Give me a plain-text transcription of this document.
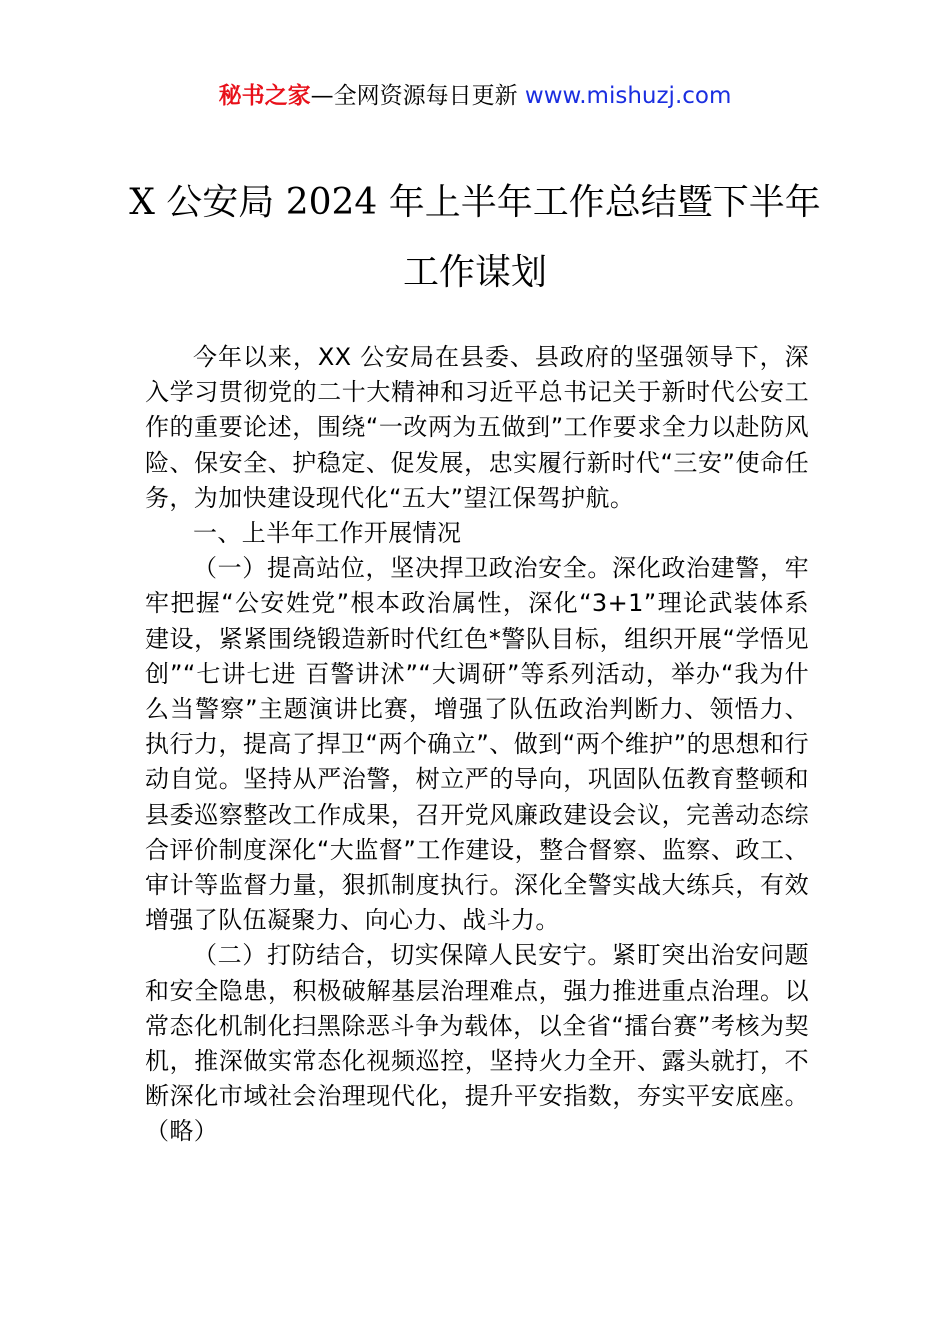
秘书之家—全网资源每日更新 www.mishuzj.com
X 公安局 2024 年上半年工作总结暨下半年
工作谋划

今年以来，XX 公安局在县委、县政府的坚强领导下，深入学习贯彻党的二十大精神和习近平总书记关于新时代公安工作的重要论述，围绕“一改两为五做到”工作要求全力以赴防风险、保安全、护稳定、促发展，忠实履行新时代“三安”使命任务，为加快建设现代化“五大”望江保驾护航。

一、上半年工作开展情况

（一）提高站位，坚决捍卫政治安全。深化政治建警，牢牢把握“公安姓党”根本政治属性，深化“3+1”理论武装体系建设，紧紧围绕锻造新时代红色*警队目标，组织开展“学悟见创”“七讲七进 百警讲沭”“大调研”等系列活动，举办“我为什么当警察”主题演讲比赛，增强了队伍政治判断力、领悟力、执行力，提高了捍卫“两个确立”、做到“两个维护”的思想和行动自觉。坚持从严治警，树立严的导向，巩固队伍教育整顿和县委巡察整改工作成果，召开党风廉政建设会议，完善动态综合评价制度深化“大监督”工作建设，整合督察、监察、政工、审计等监督力量，狠抓制度执行。深化全警实战大练兵，有效增强了队伍凝聚力、向心力、战斗力。

（二）打防结合，切实保障人民安宁。紧盯突出治安问题和安全隐患，积极破解基层治理难点，强力推进重点治理。以常态化机制化扫黑除恶斗争为载体，以全省“擂台赛”考核为契机，推深做实常态化视频巡控，坚持火力全开、露头就打，不断深化市域社会治理现代化，提升平安指数，夯实平安底座。（略）
